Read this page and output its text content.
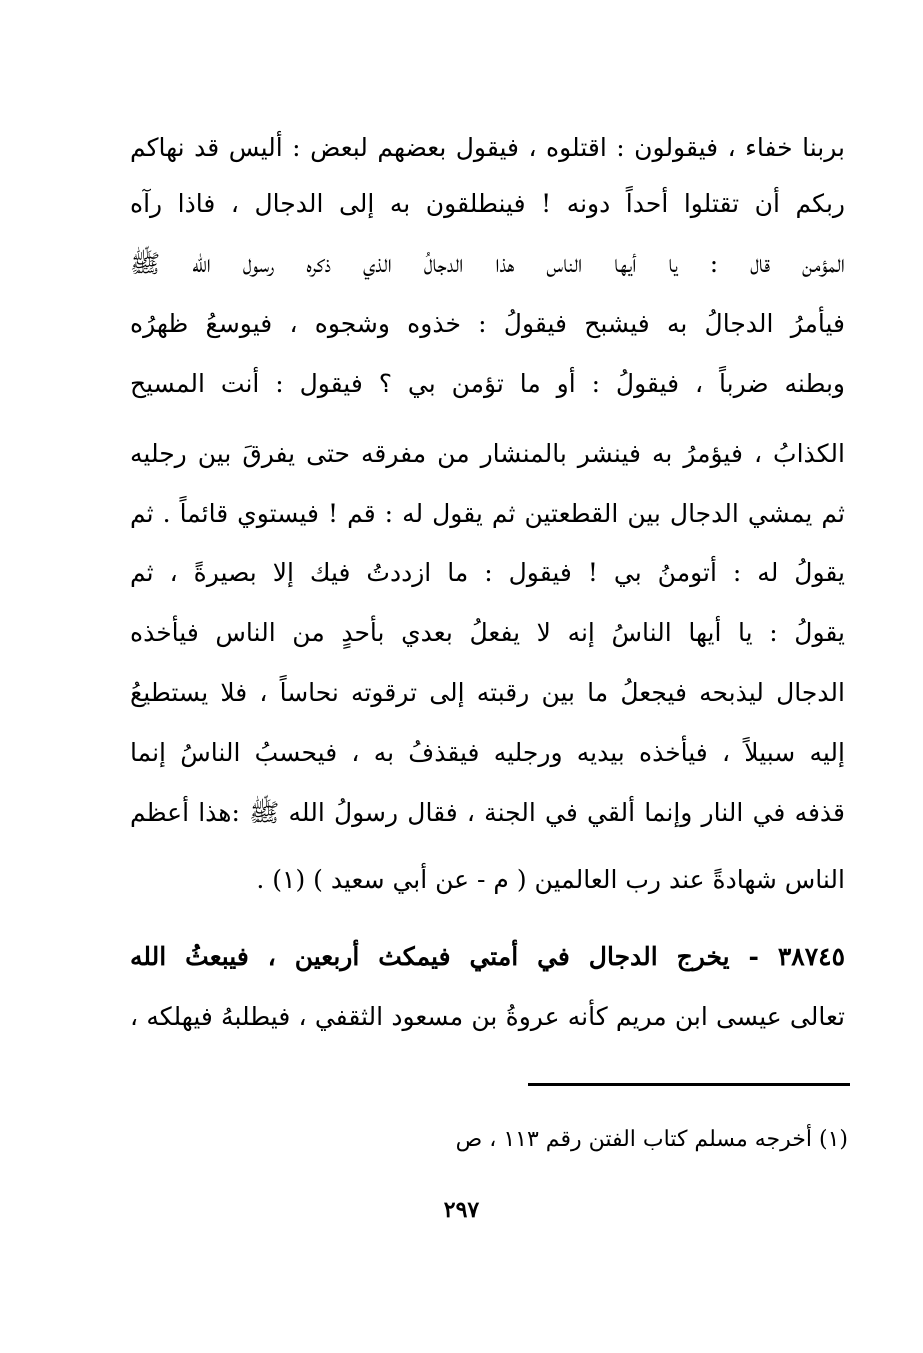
بربنا خفاء ، فيقولون : اقتلوه ، فيقول بعضهم لبعض : أليس قد نهاكم
ربكم أن تقتلوا أحداً دونه ! فينطلقون به إلى الدجال ، فاذا رآه
المؤمن قال : يا أيها الناس هذا الدجالُ الذي ذكره رسول الله ﷺ
فيأمرُ الدجالُ به فيشبح فيقولُ : خذوه وشجوه ، فيوسعُ ظهرُه
وبطنه ضرباً ، فيقولُ : أو ما تؤمن بي ؟ فيقول : أنت المسيح
الكذابُ ، فيؤمرُ به فينشر بالمنشار من مفرقه حتى يفرقَ بين رجليه
ثم يمشي الدجال بين القطعتين ثم يقول له : قم ! فيستوي قائماً . ثم
يقولُ له : أتومنُ بي ! فيقول : ما ازددتُ فيك إلا بصيرةً ، ثم
يقولُ : يا أيها الناسُ إنه لا يفعلُ بعدي بأحدٍ من الناس فيأخذه
الدجال ليذبحه فيجعلُ ما بين رقبته إلى ترقوته نحاساً ، فلا يستطيعُ
إليه سبيلاً ، فيأخذه بيديه ورجليه فيقذفُ به ، فيحسبُ الناسُ إنما
قذفه في النار وإنما ألقي في الجنة ، فقال رسولُ الله ﷺ :هذا أعظم
الناس شهادةً عند رب العالمين ( م - عن أبي سعيد ) (١) .
٣٨٧٤٥ - يخرج الدجال في أمتي فيمكث أربعين ، فيبعثُ الله
تعالى عيسى ابن مريم كأنه عروةُ بن مسعود الثقفي ، فيطلبهُ فيهلكه ،
(١) أخرجه مسلم كتاب الفتن رقم ١١٣ ، ص
٢٩٧
